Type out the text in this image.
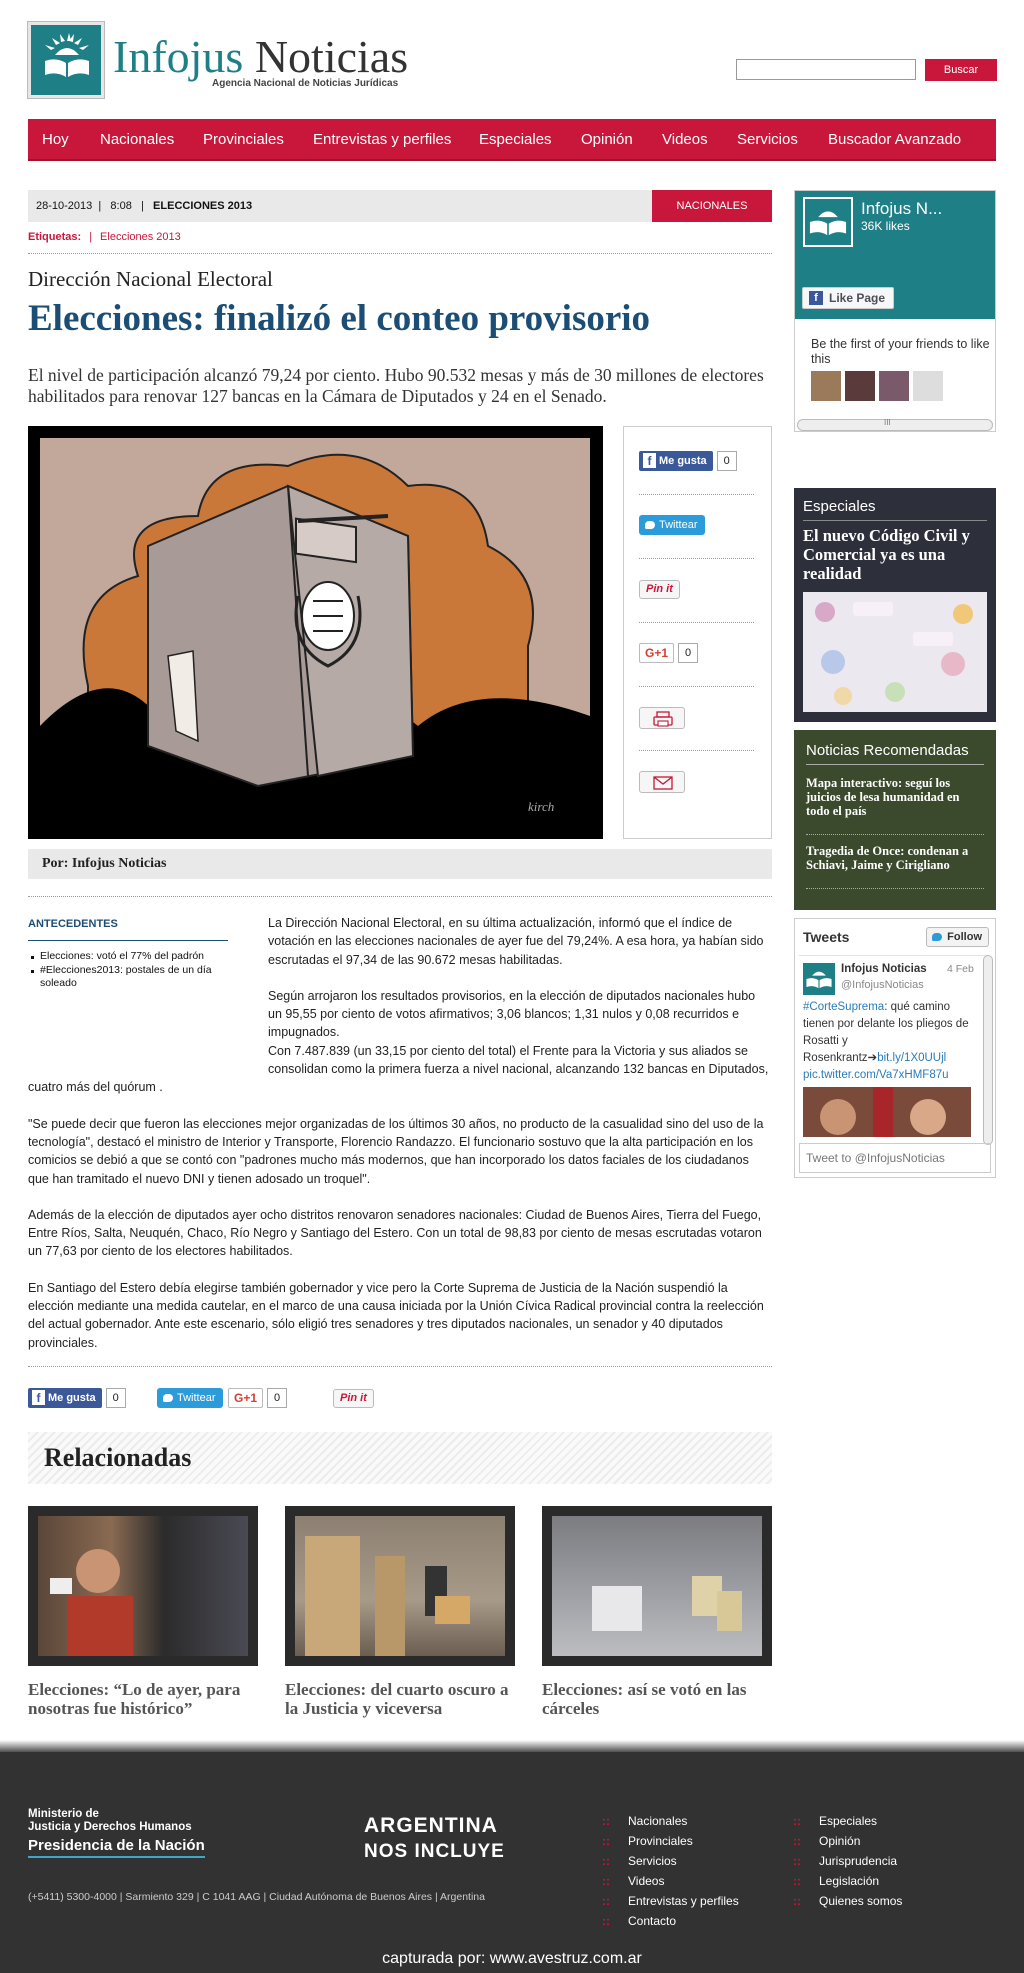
Infojus Noticias
Agencia Nacional de Noticias Jurídicas
Buscar
Hoy Nacionales Provinciales Entrevistas y perfiles Especiales Opinión Videos Servicios Buscador Avanzado
28-10-2013  |   8:08   |   ELECCIONES 2013	NACIONALES
Etiquetas: | Elecciones 2013
Dirección Nacional Electoral
Elecciones: finalizó el conteo provisorio
El nivel de participación alcanzó 79,24 por ciento. Hubo 90.532 mesas y más de 30 millones de electores habilitados para renovar 127 bancas en la Cámara de Diputados y 24 en el Senado.
kirch
f Me gusta 0
Twittear
Pin it
G+1 0
Por: Infojus Noticias
ANTECEDENTES
Elecciones: votó el 77% del padrón
#Elecciones2013: postales de un día soleado

La Dirección Nacional Electoral, en su última actualización, informó que el índice de votación en las elecciones nacionales de ayer fue del 79,24%. A esa hora, ya habían sido escrutadas el 97,34 de las 90.672 mesas habilitadas.

Según arrojaron los resultados provisorios, en la elección de diputados nacionales hubo un 95,55 por ciento de votos afirmativos; 3,06 blancos; 1,31 nulos y 0,08 recurridos e impugnados.

Con 7.487.839 (un 33,15 por ciento del total) el Frente para la Victoria y sus aliados se consolidan como la primera fuerza a nivel nacional, alcanzando 132 bancas en Diputados, cuatro más del quórum .

"Se puede decir que fueron las elecciones mejor organizadas de los últimos 30 años, no producto de la casualidad sino del uso de la tecnología", destacó el ministro de Interior y Transporte, Florencio Randazzo. El funcionario sostuvo que la alta participación en los comicios se debió a que se contó con "padrones mucho más modernos, que han incorporado los datos faciales de los ciudadanos que han tramitado el nuevo DNI y tienen adosado un troquel".

Además de la elección de diputados ayer ocho distritos renovaron senadores nacionales: Ciudad de Buenos Aires, Tierra del Fuego, Entre Ríos, Salta, Neuquén, Chaco, Río Negro y Santiago del Estero. Con un total de 98,83 por ciento de mesas escrutadas votaron un 77,63 por ciento de los electores habilitados.

En Santiago del Estero debía elegirse también gobernador y vice pero la Corte Suprema de Justicia de la Nación suspendió la elección mediante una medida cautelar, en el marco de una causa iniciada por la Unión Cívica Radical provincial contra la reelección del actual gobernador. Ante este escenario, sólo eligió tres senadores y tres diputados nacionales, un senador y 40 diputados provinciales.

f Me gusta 0	Twittear	G+1 0	Pin it
Relacionadas
Elecciones: “Lo de ayer, para nosotras fue histórico”
Elecciones: del cuarto oscuro a la Justicia y viceversa
Elecciones: así se votó en las cárceles
Infojus N...
36K likes
f Like Page
Be the first of your friends to like this
III
Especiales
El nuevo Código Civil y Comercial ya es una realidad
Noticias Recomendadas
Mapa interactivo: seguí los juicios de lesa humanidad en todo el país
Tragedia de Once: condenan a Schiavi, Jaime y Cirigliano
Tweets	Follow
Infojus Noticias
@InfojusNoticias
4 Feb
#CorteSuprema: qué camino tienen por delante los pliegos de Rosatti y Rosenkrantz➔bit.ly/1X0UUjl
pic.twitter.com/Va7xHMF87u
Tweet to @InfojusNoticias
Ministerio de
Justicia y Derechos Humanos
Presidencia de la Nación
ARGENTINA
NOS INCLUYE
(+5411) 5300-4000 | Sarmiento 329 | C 1041 AAG | Ciudad Autónoma de Buenos Aires | Argentina
:: Nacionales
:: Provinciales
:: Servicios
:: Videos
:: Entrevistas y perfiles
:: Contacto
:: Especiales
:: Opinión
:: Jurisprudencia
:: Legislación
:: Quienes somos
capturada por: www.avestruz.com.ar
